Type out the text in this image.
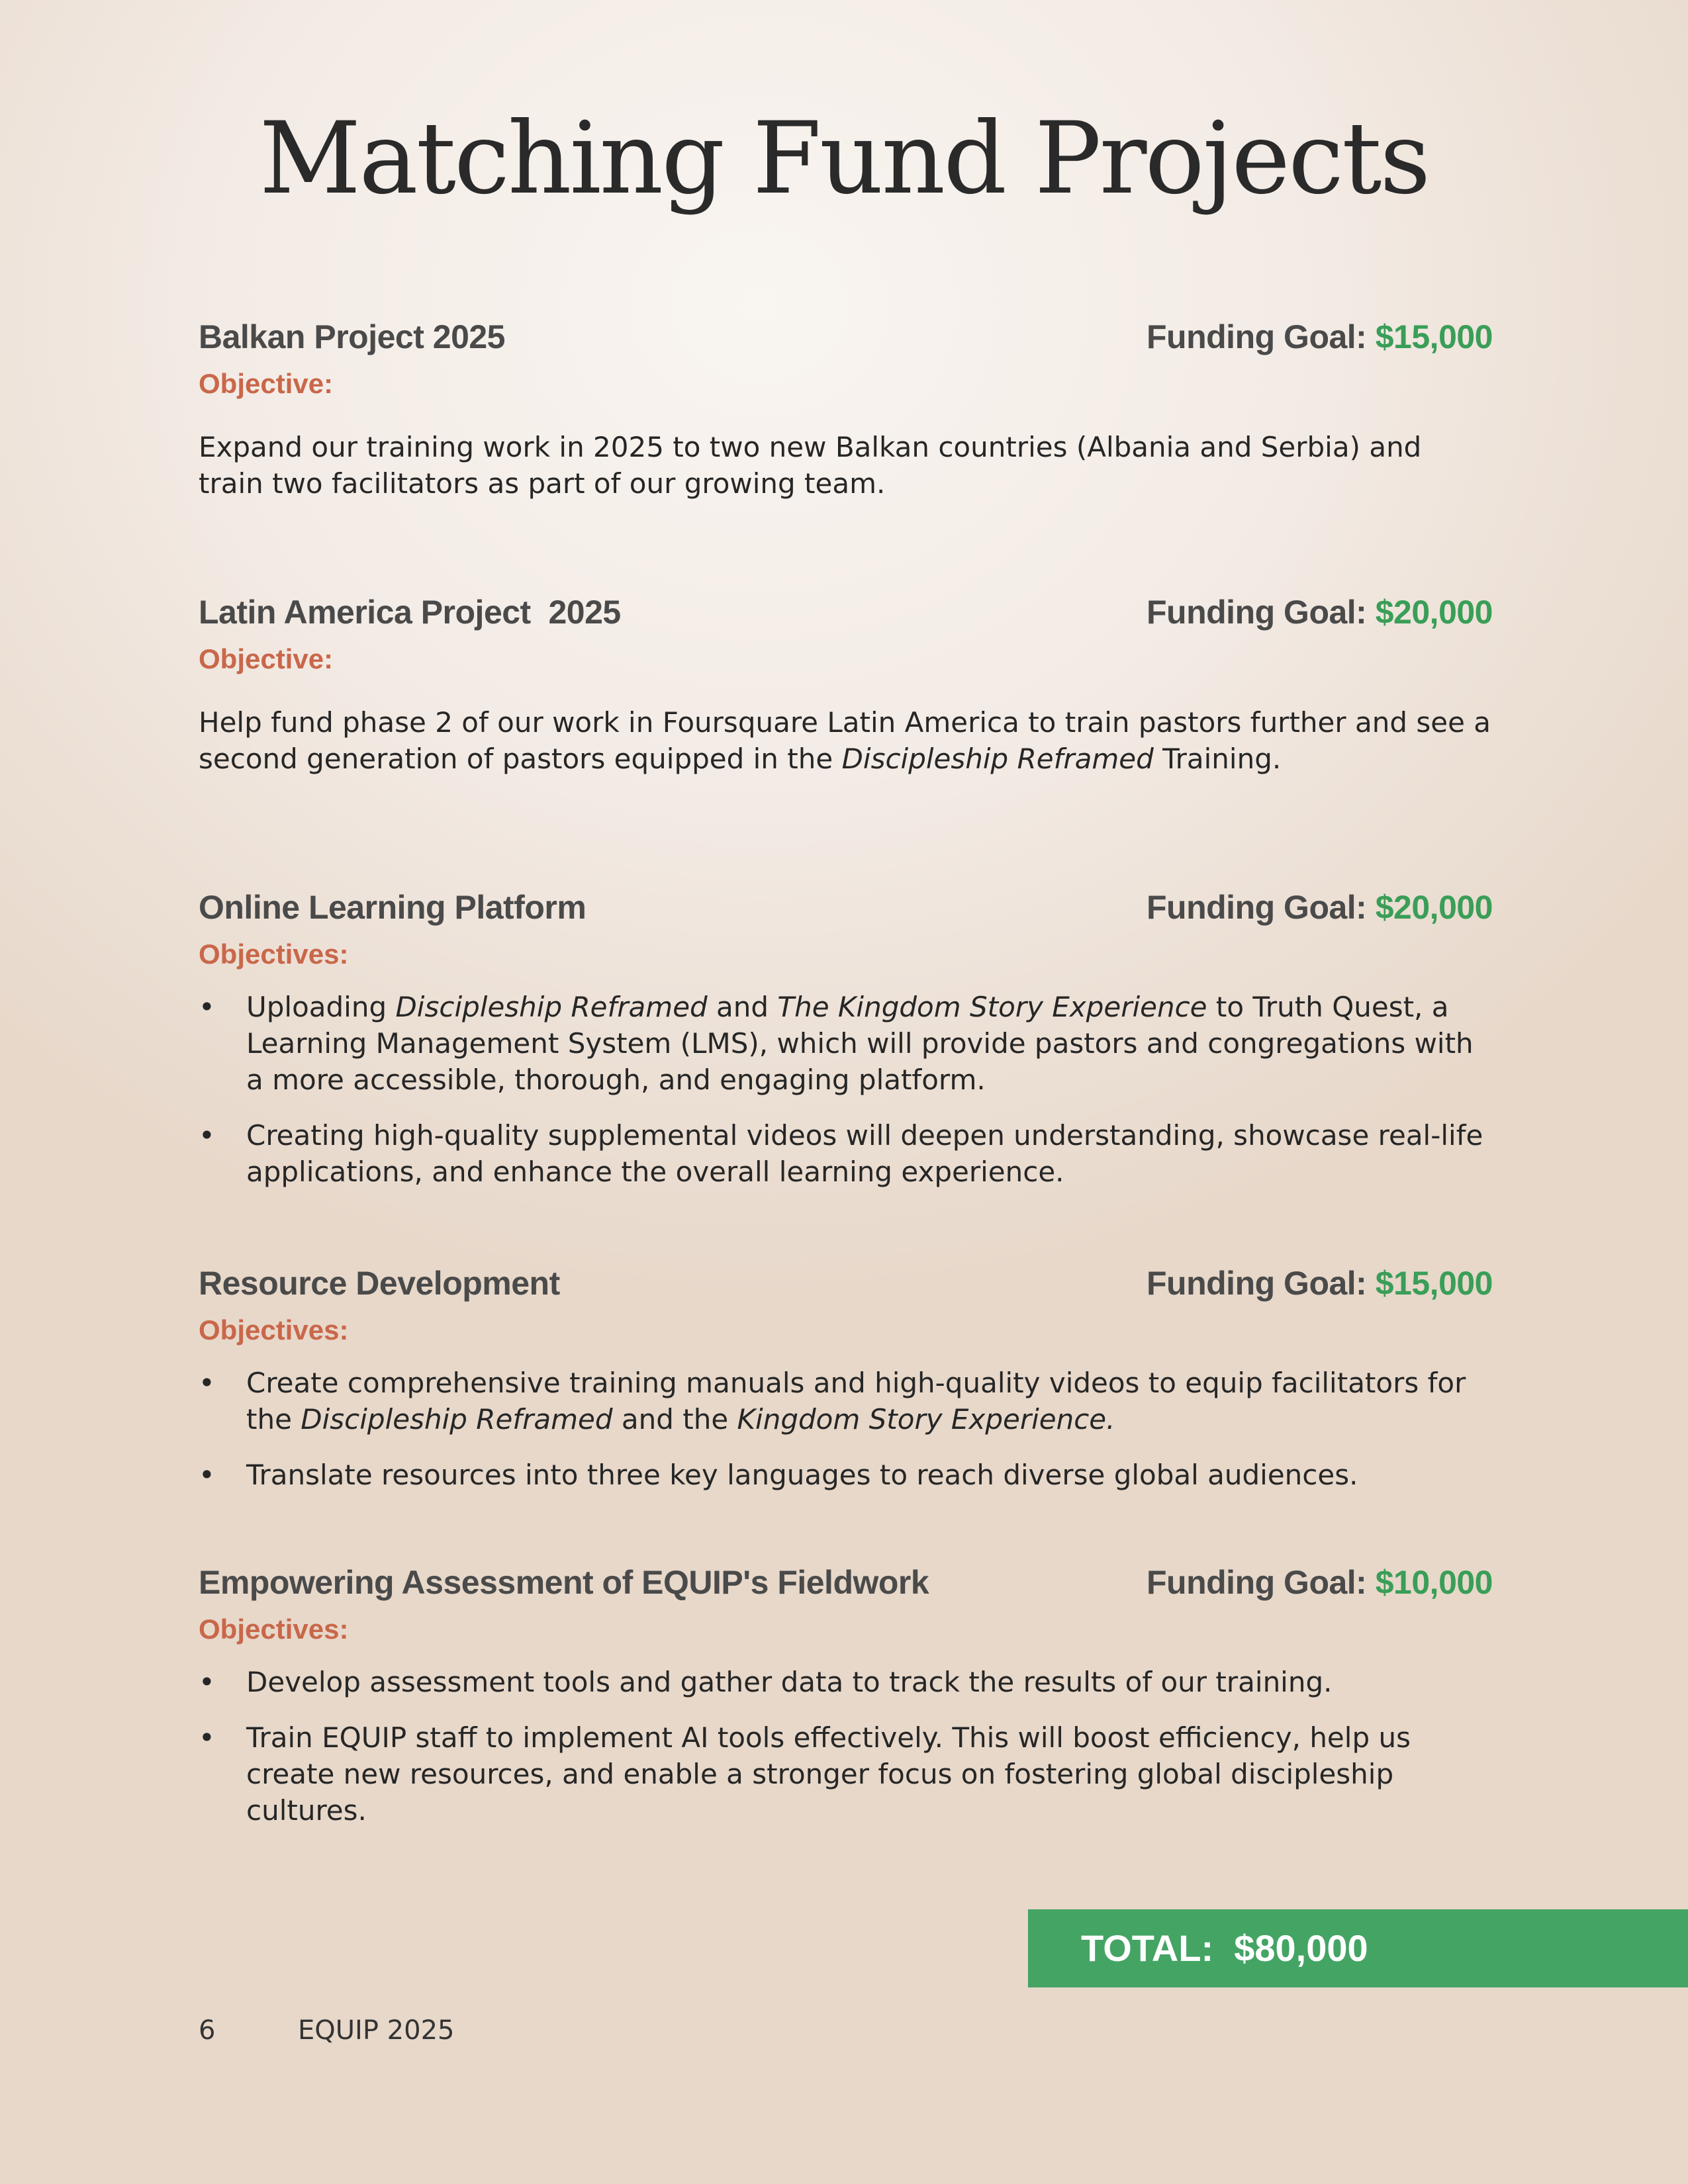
Matching Fund Projects
Balkan Project 2025	Funding Goal: $15,000
Objective:

Expand our training work in 2025 to two new Balkan countries (Albania and Serbia) and train two facilitators as part of our growing team.

Latin America Project  2025	Funding Goal: $20,000
Objective:

Help fund phase 2 of our work in Foursquare Latin America to train pastors further and see a second generation of pastors equipped in the Discipleship Reframed Training.

Online Learning Platform	Funding Goal: $20,000
Objectives:
• Uploading Discipleship Reframed and The Kingdom Story Experience to Truth Quest, a Learning Management System (LMS), which will provide pastors and congregations with a more accessible, thorough, and engaging platform.
• Creating high-quality supplemental videos will deepen understanding, showcase real-life applications, and enhance the overall learning experience.
Resource Development	Funding Goal: $15,000
Objectives:
• Create comprehensive training manuals and high-quality videos to equip facilitators for the Discipleship Reframed and the Kingdom Story Experience.
• Translate resources into three key languages to reach diverse global audiences.
Empowering Assessment of EQUIP's Fieldwork	Funding Goal: $10,000
Objectives:
• Develop assessment tools and gather data to track the results of our training.
• Train EQUIP staff to implement AI tools effectively. This will boost efficiency, help us create new resources, and enable a stronger focus on fostering global discipleship cultures.
TOTAL: $80,000
6	EQUIP 2025
